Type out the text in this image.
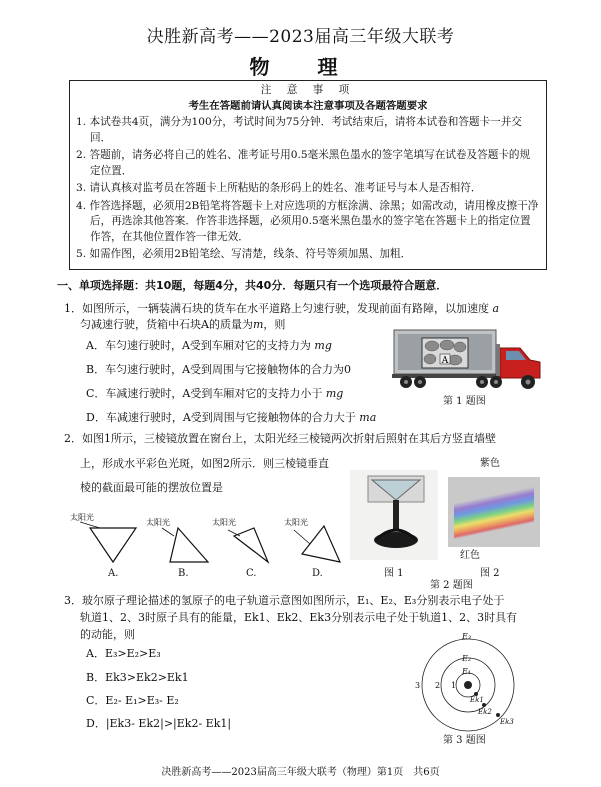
决胜新高考——2023届高三年级大联考
物　理
注 意 事 项
考生在答题前请认真阅读本注意事项及各题答题要求
1. 本试卷共4页，满分为100分，考试时间为75分钟．考试结束后，请将本试卷和答题卡一并交回．
2. 答题前，请务必将自己的姓名、准考证号用0.5毫米黑色墨水的签字笔填写在试卷及答题卡的规定位置．
3. 请认真核对监考员在答题卡上所粘贴的条形码上的姓名、准考证号与本人是否相符．
4. 作答选择题，必须用2B铅笔将答题卡上对应选项的方框涂满、涂黑；如需改动，请用橡皮擦干净后，再选涂其他答案．作答非选择题，必须用0.5毫米黑色墨水的签字笔在答题卡上的指定位置作答，在其他位置作答一律无效．
5. 如需作图，必须用2B铅笔绘、写清楚，线条、符号等须加黑、加粗．
一、单项选择题：共10题，每题4分，共40分．每题只有一个选项最符合题意．
1．如图所示，一辆装满石块的货车在水平道路上匀速行驶，发现前面有路障，以加速度 a
匀减速行驶，货箱中石块A的质量为m，则
A．车匀速行驶时，A受到车厢对它的支持力为 mg
B．车匀速行驶时，A受到周围与它接触物体的合力为0
C．车减速行驶时，A受到车厢对它的支持力小于 mg
D．车减速行驶时，A受到周围与它接触物体的合力大于 ma
A
第 1 题图
2．如图1所示，三棱镜放置在窗台上，太阳光经三棱镜两次折射后照射在其后方竖直墙壁
上，形成水平彩色光斑，如图2所示．则三棱镜垂直
棱的截面最可能的摆放位置是
太阳光
太阳光	太阳光	太阳光
A.	B.	C.	D.	图 1
紫色
红色
图 2
第 2 题图
3．玻尔原子理论描述的氢原子的电子轨道示意图如图所示，E₁、E₂、E₃分别表示电子处于
轨道1、2、3时原子具有的能量，Ek1、Ek2、Ek3分别表示电子处于轨道1、2、3时具有
的动能，则
A．E₃>E₂>E₃
B．Ek3>Ek2>Ek1
C．E₂- E₁>E₃- E₂
D．|Ek3- Ek2|>|Ek2- Ek1|
3 2 1
E₃
E₂
E₁
Ek1
Ek2
Ek3
第 3 题图
决胜新高考——2023届高三年级大联考（物理）第1页　共6页
